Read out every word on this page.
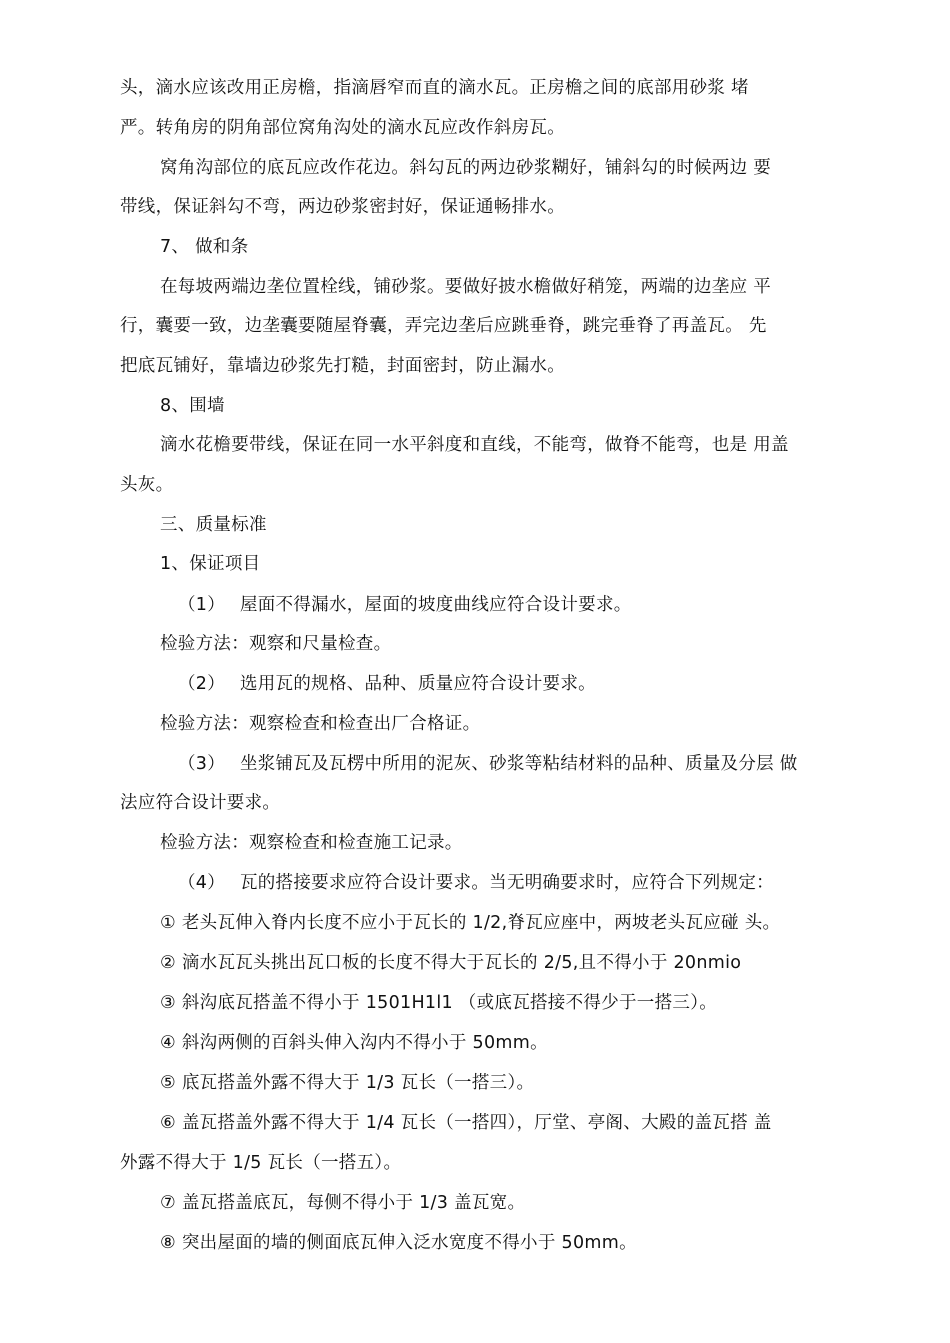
头，滴水应该改用正房檐，指滴唇窄而直的滴水瓦。正房檐之间的底部用砂浆 堵
严。转角房的阴角部位窝角沟处的滴水瓦应改作斜房瓦。
窝角沟部位的底瓦应改作花边。斜勾瓦的两边砂浆糊好，铺斜勾的时候两边 要
带线，保证斜勾不弯，两边砂浆密封好，保证通畅排水。
7、 做和条
在每坡两端边垄位置栓线，铺砂浆。要做好披水檐做好稍笼，两端的边垄应 平
行，囊要一致，边垄囊要随屋脊囊，弄完边垄后应跳垂脊，跳完垂脊了再盖瓦。 先
把底瓦铺好，靠墙边砂浆先打糙，封面密封，防止漏水。
8、围墙
滴水花檐要带线，保证在同一水平斜度和直线，不能弯，做脊不能弯，也是 用盖
头灰。
三、质量标准
1、保证项目
（1）　 屋面不得漏水，屋面的坡度曲线应符合设计要求。
检验方法：观察和尺量检查。
（2）　 选用瓦的规格、品种、质量应符合设计要求。
检验方法：观察检查和检查出厂合格证。
（3）　 坐浆铺瓦及瓦楞中所用的泥灰、砂浆等粘结材料的品种、质量及分层 做
法应符合设计要求。
检验方法：观察检查和检查施工记录。
（4）　 瓦的搭接要求应符合设计要求。当无明确要求时，应符合下列规定：
① 老头瓦伸入脊内长度不应小于瓦长的 1/2,脊瓦应座中，两坡老头瓦应碰 头。
② 滴水瓦瓦头挑出瓦口板的长度不得大于瓦长的 2/5,且不得小于 20nmio
③ 斜沟底瓦搭盖不得小于 1501H1l1 （或底瓦搭接不得少于一搭三）。
④ 斜沟两侧的百斜头伸入沟内不得小于 50mm。
⑤ 底瓦搭盖外露不得大于 1/3 瓦长（一搭三）。
⑥ 盖瓦搭盖外露不得大于 1/4 瓦长（一搭四），厅堂、亭阁、大殿的盖瓦搭 盖
外露不得大于 1/5 瓦长（一搭五）。
⑦ 盖瓦搭盖底瓦，每侧不得小于 1/3 盖瓦宽。
⑧ 突出屋面的墙的侧面底瓦伸入泛水宽度不得小于 50mm。
